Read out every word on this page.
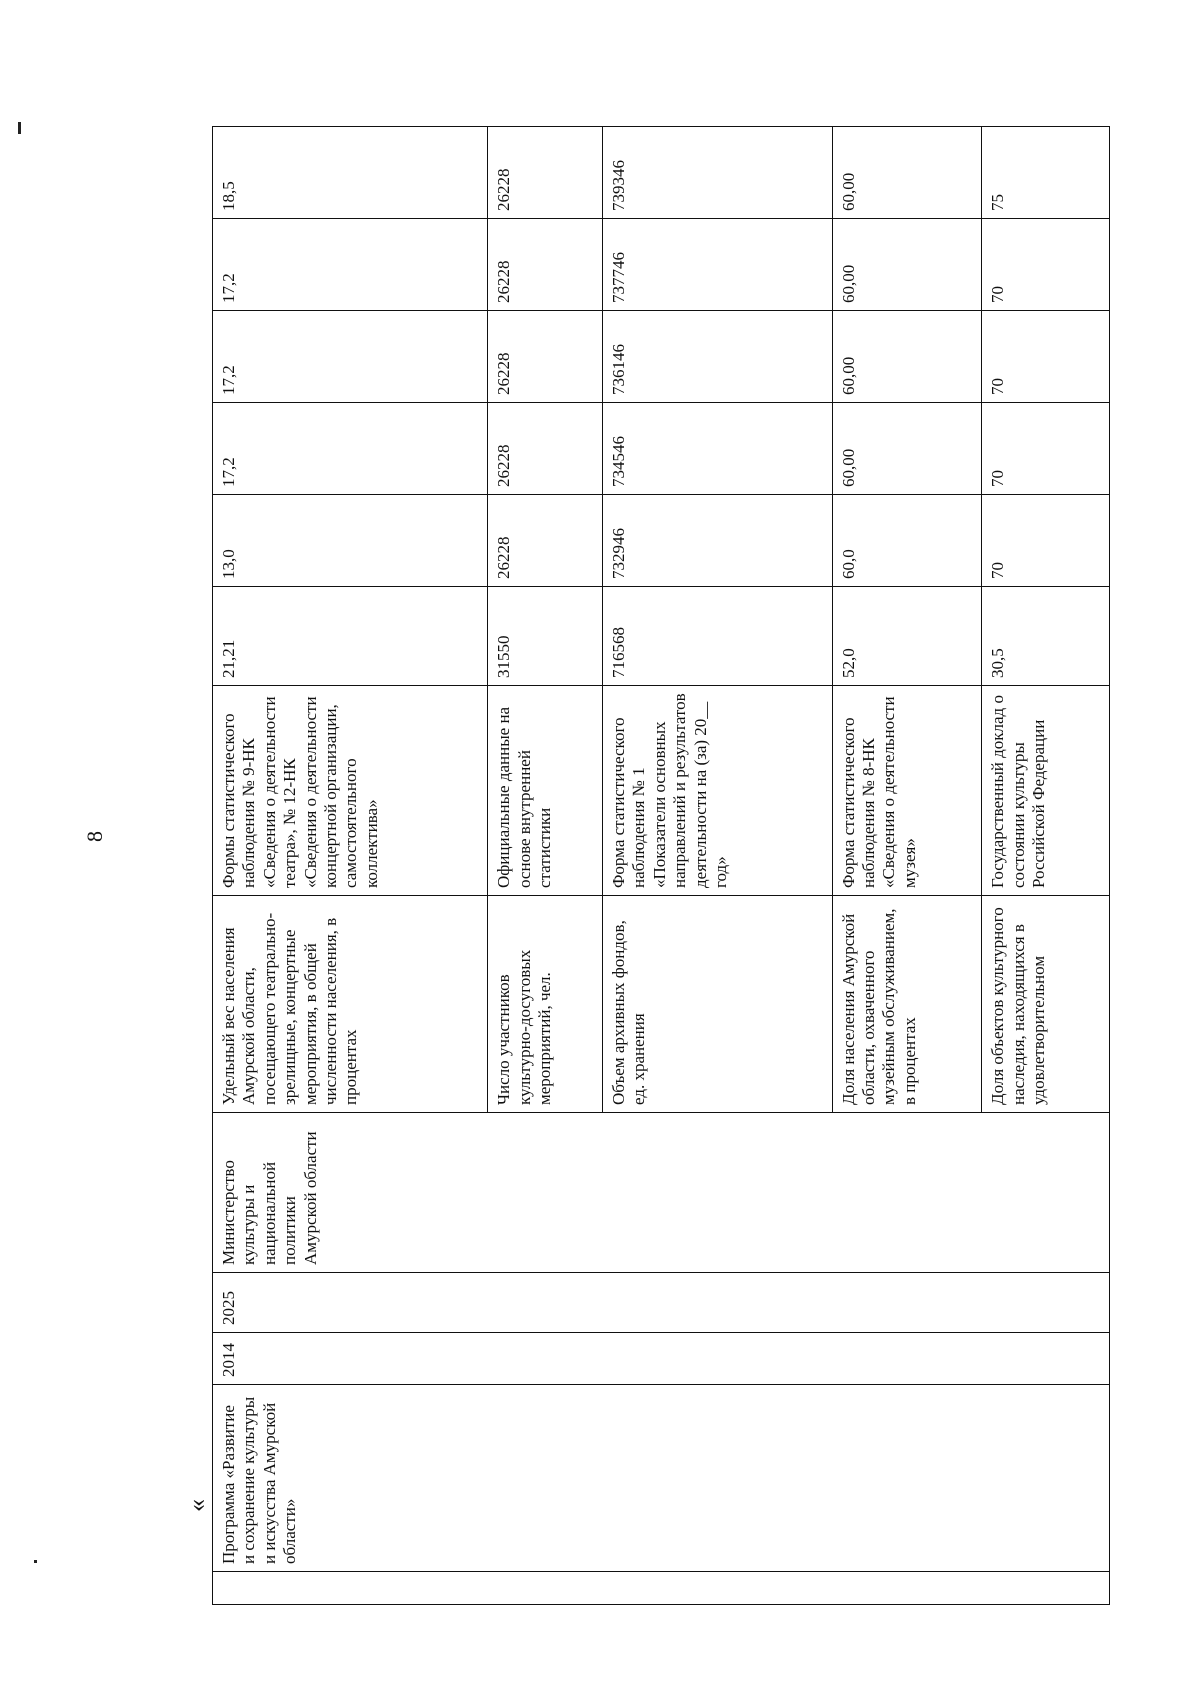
8
«
	Программа «Развитие и сохранение культуры и искусства Амурской области»	2014	2025	Министерство культуры и национальной политики Амурской области	Удельный вес населения Амурской области, посещающего театрально-зрелищные, концертные мероприятия, в общей численности населения, в процентах	Формы статистического наблюдения № 9-НК «Сведения о деятельности театра», № 12-НК «Сведения о деятельности концертной организации, самостоятельного коллектива»	21,21	13,0	17,2	17,2	17,2	18,5
					Число участников культурно-досуговых мероприятий, чел.	Официальные данные на основе внутренней статистики	31550	26228	26228	26228	26228	26228
					Объем архивных фондов, ед. хранения	Форма статистического наблюдения № 1 «Показатели основных направлений и результатов деятельности на (за) 20__ год»	716568	732946	734546	736146	737746	739346
					Доля населения Амурской области, охваченного музейным обслуживанием, в процентах	Форма статистического наблюдения № 8-НК «Сведения о деятельности музея»	52,0	60,0	60,00	60,00	60,00	60,00
					Доля объектов культурного наследия, находящихся в удовлетворительном	Государственный доклад о состоянии культуры Российской Федерации	30,5	70	70	70	70	75
